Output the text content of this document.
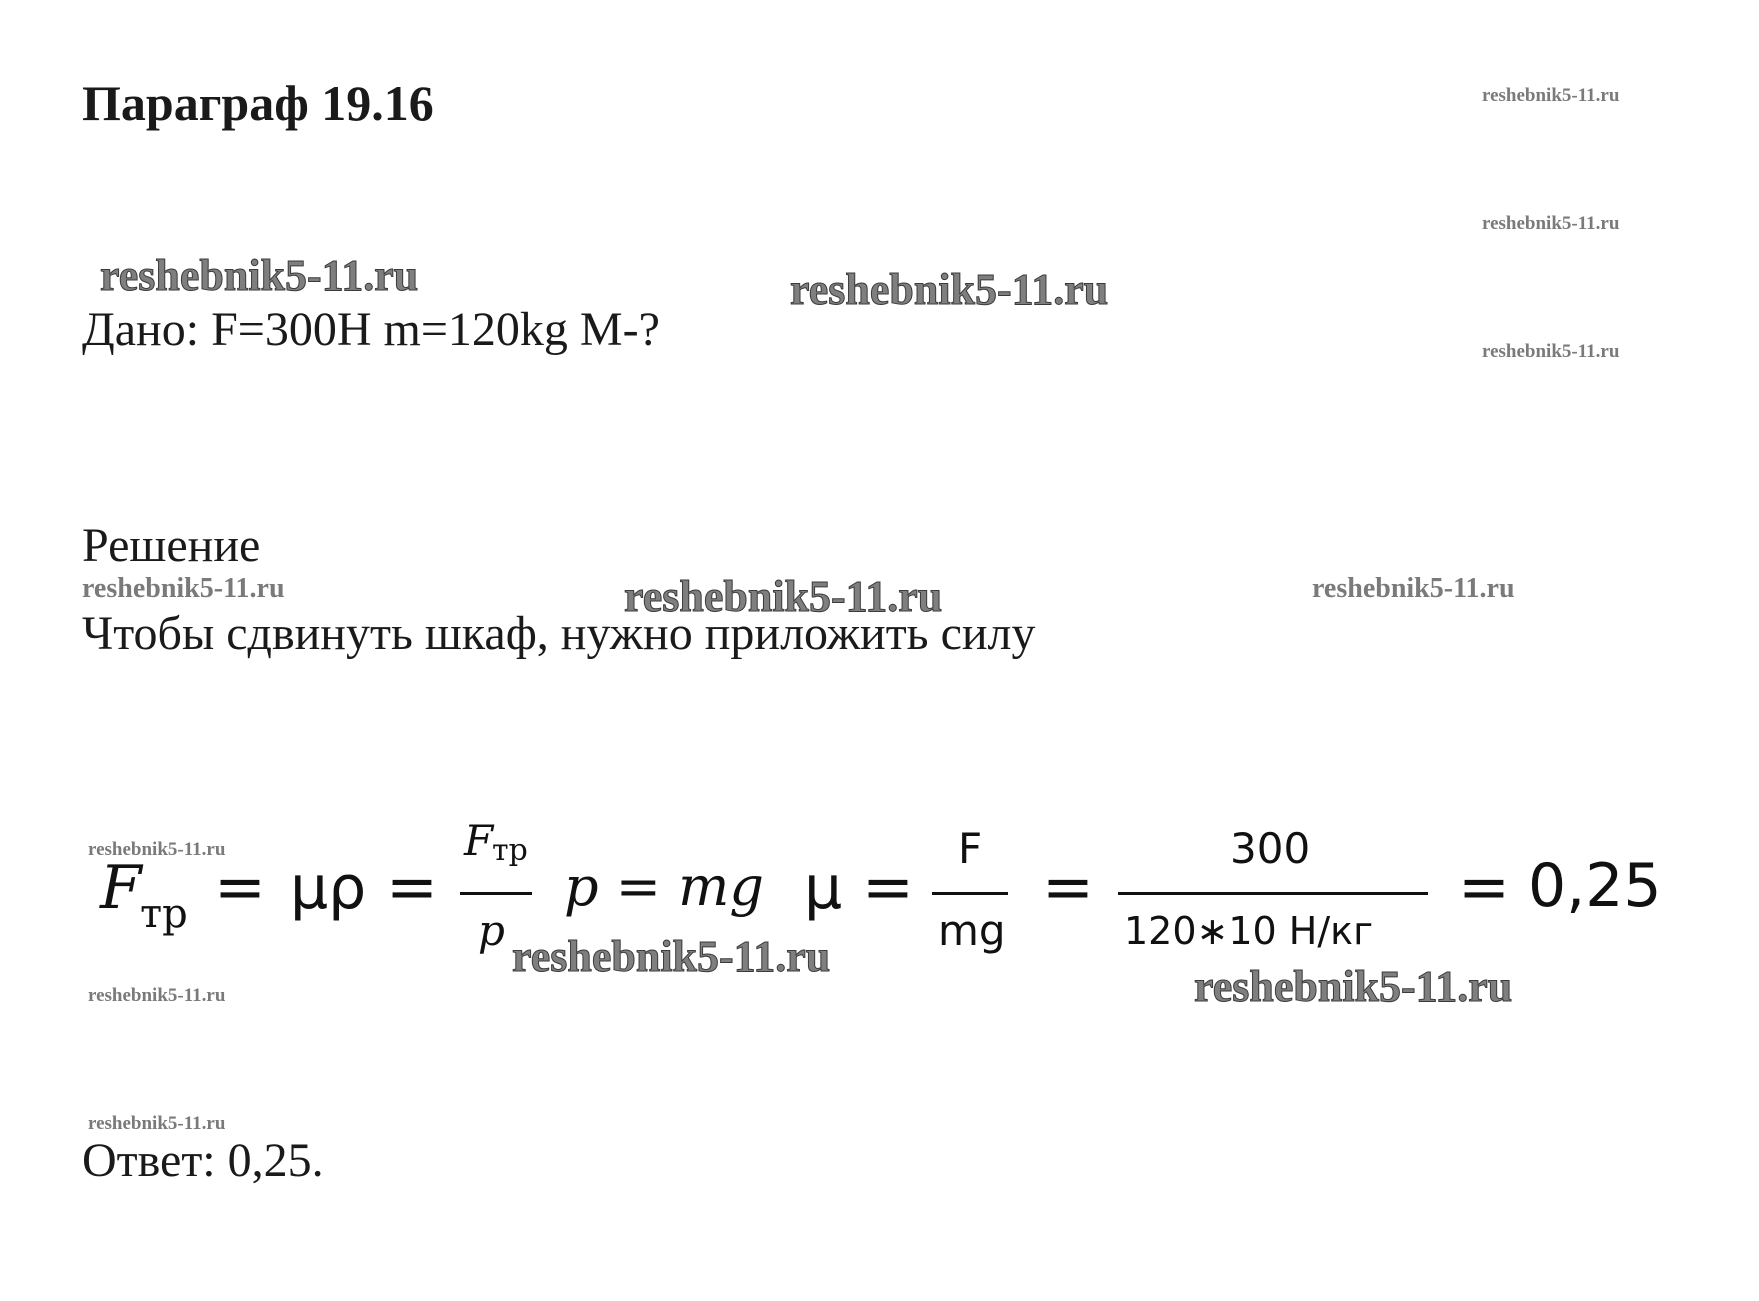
Параграф 19.16	reshebnik5-11.ru
reshebnik5-11.ru
reshebnik5-11.ru
reshebnik5-11.ru	reshebnik5-11.ru
Дано: F=300Н m=120kg M-?
Решение
reshebnik5-11.ru	reshebnik5-11.ru	reshebnik5-11.ru
Чтобы сдвинуть шкаф, нужно приложить силу
reshebnik5-11.ru
F
тр = μρ =
F
тр
p
p = mg μ =
F
mg
=
300
120∗10 Н/кг
= 0,25
reshebnik5-11.ru
reshebnik5-11.ru
reshebnik5-11.ru
reshebnik5-11.ru
Ответ: 0,25.
